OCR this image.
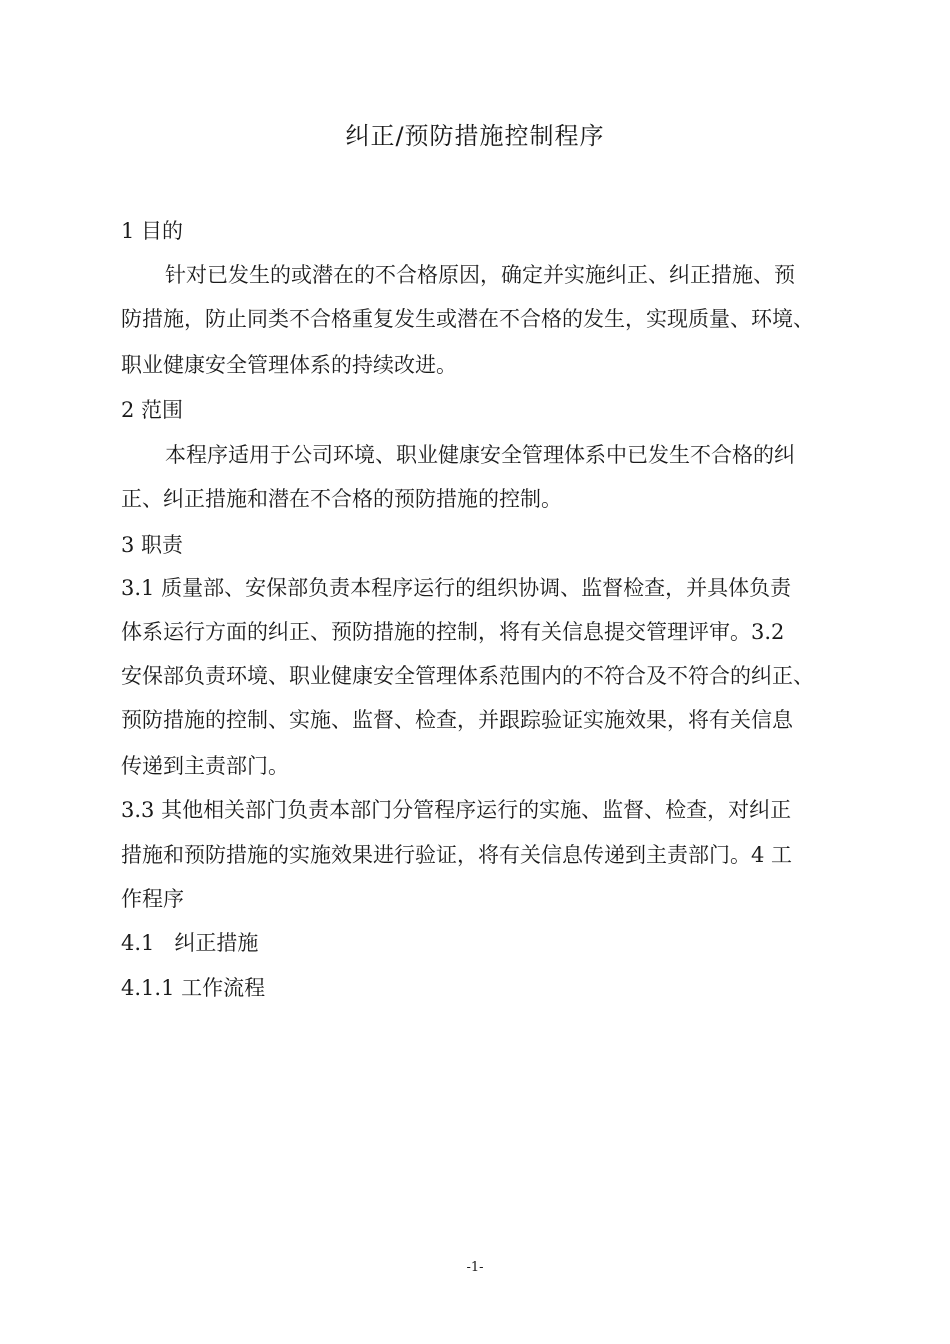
纠正/预防措施控制程序

1 目的

针对已发生的或潜在的不合格原因，确定并实施纠正、纠正措施、预

防措施，防止同类不合格重复发生或潜在不合格的发生，实现质量、环境、

职业健康安全管理体系的持续改进。

2 范围

本程序适用于公司环境、职业健康安全管理体系中已发生不合格的纠

正、纠正措施和潜在不合格的预防措施的控制。

3 职责

3.1 质量部、安保部负责本程序运行的组织协调、监督检查，并具体负责

体系运行方面的纠正、预防措施的控制，将有关信息提交管理评审。3.2

安保部负责环境、职业健康安全管理体系范围内的不符合及不符合的纠正、

预防措施的控制、实施、监督、检查，并跟踪验证实施效果，将有关信息

传递到主责部门。

3.3 其他相关部门负责本部门分管程序运行的实施、监督、检查，对纠正

措施和预防措施的实施效果进行验证，将有关信息传递到主责部门。4 工

作程序

4.1   纠正措施

4.1.1 工作流程

-1-
